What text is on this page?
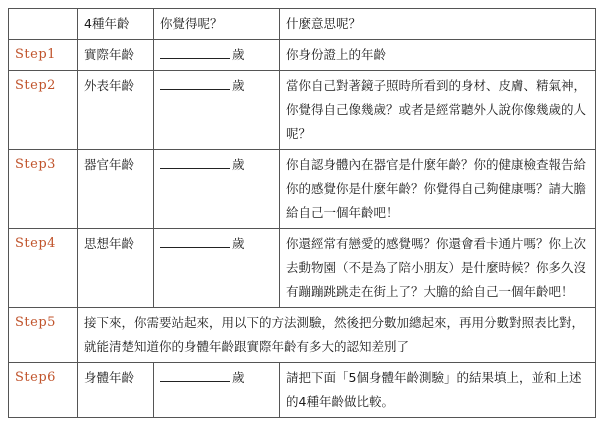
	4種年齡	你覺得呢？	什麼意思呢？
Step1	實際年齡	歲	你身份證上的年齡
Step2	外表年齡	歲	當你自己對著鏡子照時所看到的身材、皮膚、精氣神，你覺得自己像幾歲？或者是經常聽外人說你像幾歲的人呢？
Step3	器官年齡	歲	你自認身體內在器官是什麼年齡？你的健康檢查報告給你的感覺你是什麼年齡？你覺得自己夠健康嗎？請大膽給自己一個年齡吧！
Step4	思想年齡	歲	你還經常有戀愛的感覺嗎？你還會看卡通片嗎？你上次去動物園（不是為了陪小朋友）是什麼時候？你多久沒有蹦蹦跳跳走在街上了？大膽的給自己一個年齡吧！
Step5	接下來，你需要站起來，用以下的方法測驗，然後把分數加總起來，再用分數對照表比對，就能清楚知道你的身體年齡跟實際年齡有多大的認知差別了		
Step6	身體年齡	歲	請把下面「5個身體年齡測驗」的結果填上，並和上述的4種年齡做比較。
